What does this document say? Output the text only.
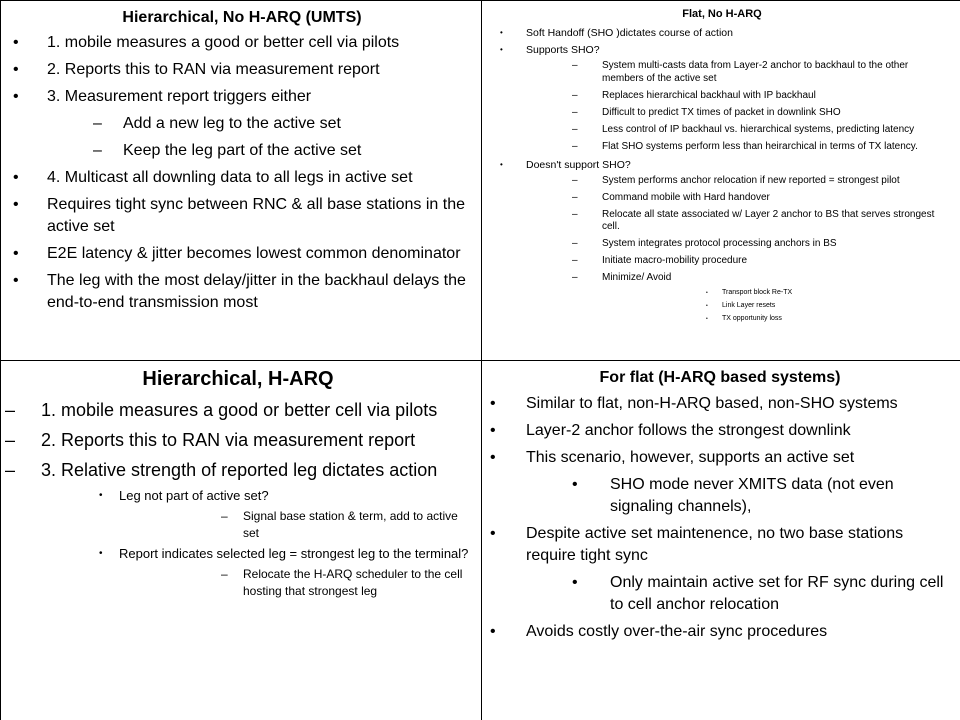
Hierarchical, No H-ARQ (UMTS)
• 1. mobile measures a good or better cell via pilots
• 2. Reports this to RAN via measurement report
• 3. Measurement report triggers either
– Add a new leg to the active set
– Keep the leg part of the active set
• 4. Multicast all downling data to all legs in active set
• Requires tight sync between RNC & all base stations in the active set
• E2E latency & jitter becomes lowest common denominator
• The leg with the most delay/jitter in the backhaul delays the end-to-end transmission most
Flat, No H-ARQ
• Soft Handoff (SHO )dictates course of action
• Supports SHO?
– System multi-casts data from Layer-2 anchor to backhaul to the other members of the active set
– Replaces hierarchical backhaul with IP backhaul
– Difficult to predict TX times of packet in downlink SHO
– Less control of IP backhaul vs. hierarchical systems, predicting latency
– Flat SHO systems perform less than heirarchical in terms of TX latency.
• Doesn't support SHO?
– System performs anchor relocation if new reported = strongest pilot
– Command mobile with Hard handover
– Relocate all state associated w/ Layer 2 anchor to BS that serves strongest cell.
– System integrates protocol processing anchors in BS
– Initiate macro-mobility procedure
– Minimize/ Avoid
• Transport block Re-TX
• Link Layer resets
• TX opportunity loss
Hierarchical, H-ARQ
– 1. mobile measures a good or better cell via pilots
– 2. Reports this to RAN via measurement report
– 3. Relative strength of reported leg dictates action
• Leg not part of active set?
– Signal base station & term, add to active set
• Report indicates selected leg = strongest leg to the terminal?
– Relocate the H-ARQ scheduler to the cell hosting that strongest leg
For flat (H-ARQ based systems)
• Similar to flat, non-H-ARQ based, non-SHO systems
• Layer-2 anchor follows the strongest downlink
• This scenario, however, supports an active set
• SHO mode never XMITS data (not even signaling channels),
• Despite active set maintenence, no two base stations require tight sync
• Only maintain active set for RF sync during cell to cell anchor relocation
• Avoids costly over-the-air sync procedures
